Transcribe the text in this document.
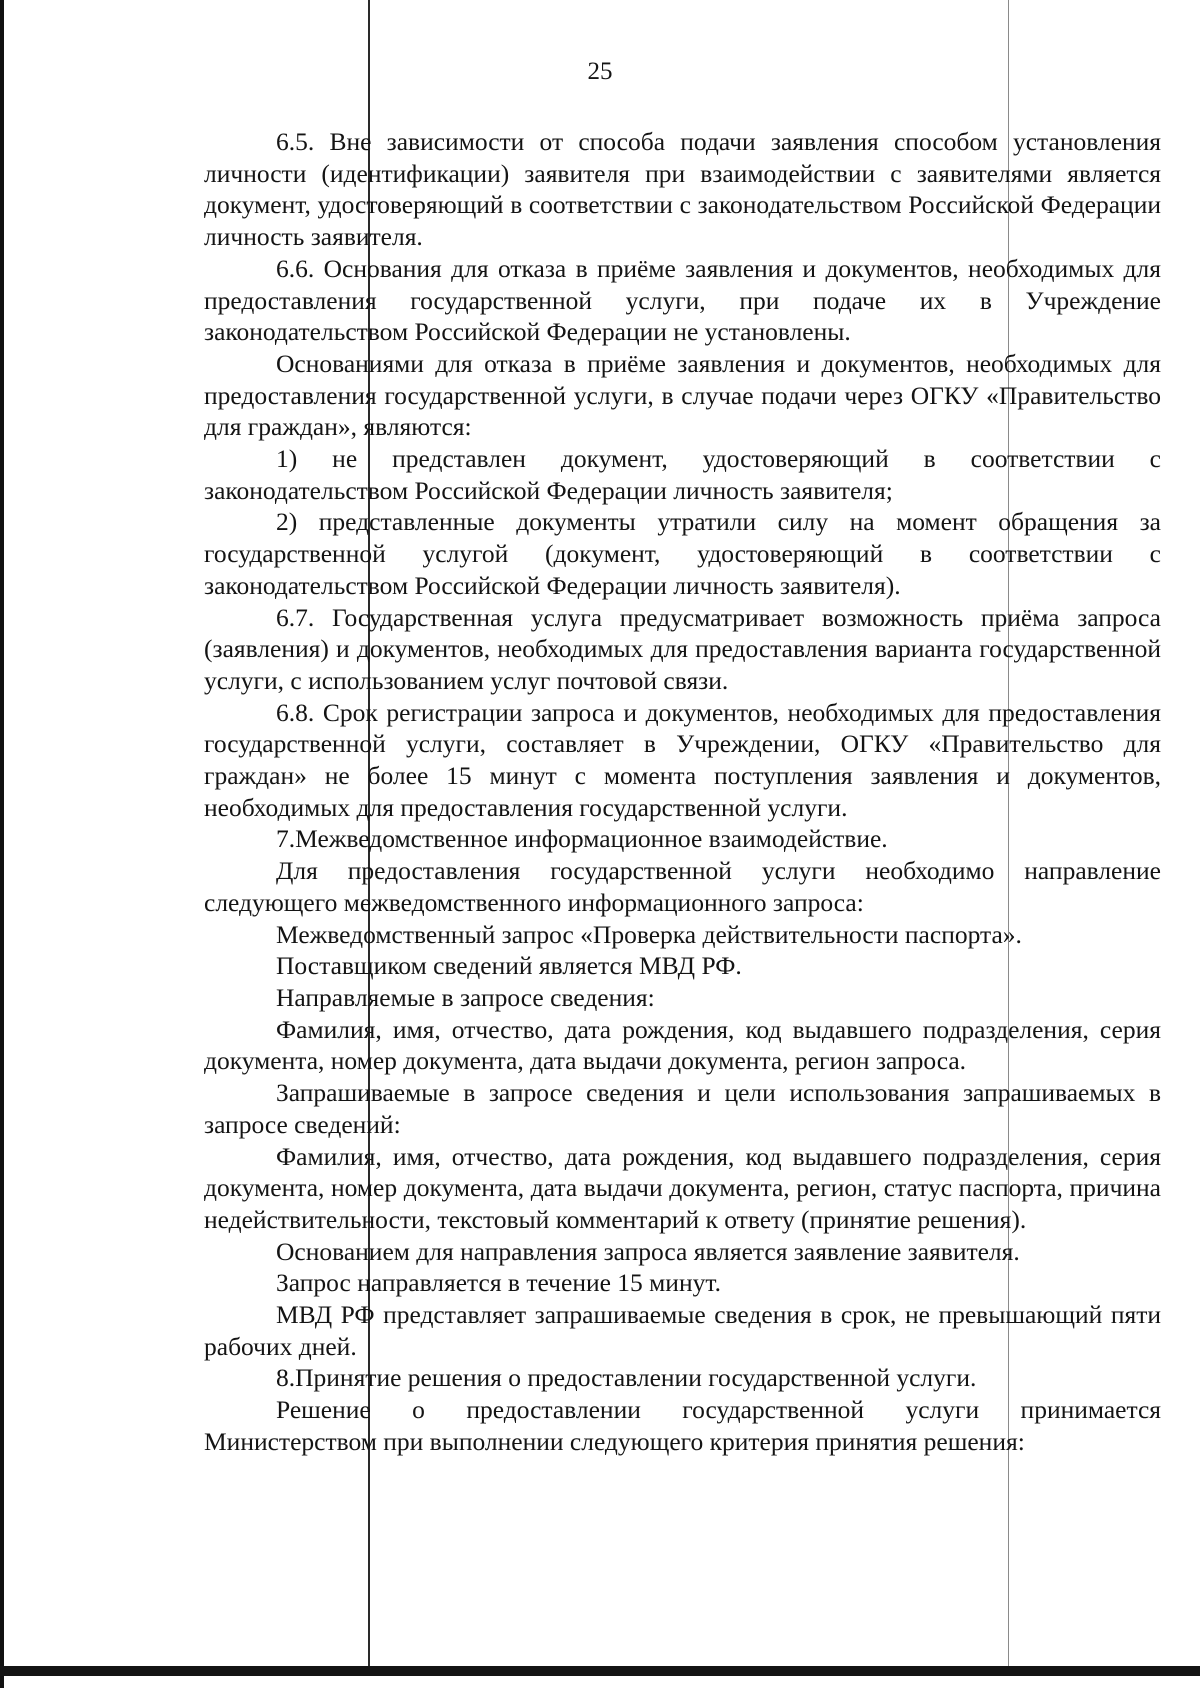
25

6.5. Вне зависимости от способа подачи заявления способом установления личности (идентификации) заявителя при взаимодействии с заявителями является документ, удостоверяющий в соответствии с законодательством Российской Федерации личность заявителя.

6.6. Основания для отказа в приёме заявления и документов, необходимых для предоставления государственной услуги, при подаче их в Учреждение законодательством Российской Федерации не установлены.

Основаниями для отказа в приёме заявления и документов, необходимых для предоставления государственной услуги, в случае подачи через ОГКУ «Правительство для граждан», являются:

1) не представлен документ, удостоверяющий в соответствии с законодательством Российской Федерации личность заявителя;

2) представленные документы утратили силу на момент обращения за государственной услугой (документ, удостоверяющий в соответствии с законодательством Российской Федерации личность заявителя).

6.7. Государственная услуга предусматривает возможность приёма запроса (заявления) и документов, необходимых для предоставления варианта государственной услуги, с использованием услуг почтовой связи.

6.8. Срок регистрации запроса и документов, необходимых для предоставления государственной услуги, составляет в Учреждении, ОГКУ «Правительство для граждан» не более 15 минут с момента поступления заявления и документов, необходимых для предоставления государственной услуги.

7.Межведомственное информационное взаимодействие.

Для предоставления государственной услуги необходимо направление следующего межведомственного информационного запроса:

Межведомственный запрос «Проверка действительности паспорта».

Поставщиком сведений является МВД РФ.

Направляемые в запросе сведения:

Фамилия, имя, отчество, дата рождения, код выдавшего подразделения, серия документа, номер документа, дата выдачи документа, регион запроса.

Запрашиваемые в запросе сведения и цели использования запрашиваемых в запросе сведений:

Фамилия, имя, отчество, дата рождения, код выдавшего подразделения, серия документа, номер документа, дата выдачи документа, регион, статус паспорта, причина недействительности, текстовый комментарий к ответу (принятие решения).

Основанием для направления запроса является заявление заявителя.

Запрос направляется в течение 15 минут.

МВД РФ представляет запрашиваемые сведения в срок, не превышающий пяти рабочих дней.

8.Принятие решения о предоставлении государственной услуги.

Решение о предоставлении государственной услуги принимается Министерством при выполнении следующего критерия принятия решения:
